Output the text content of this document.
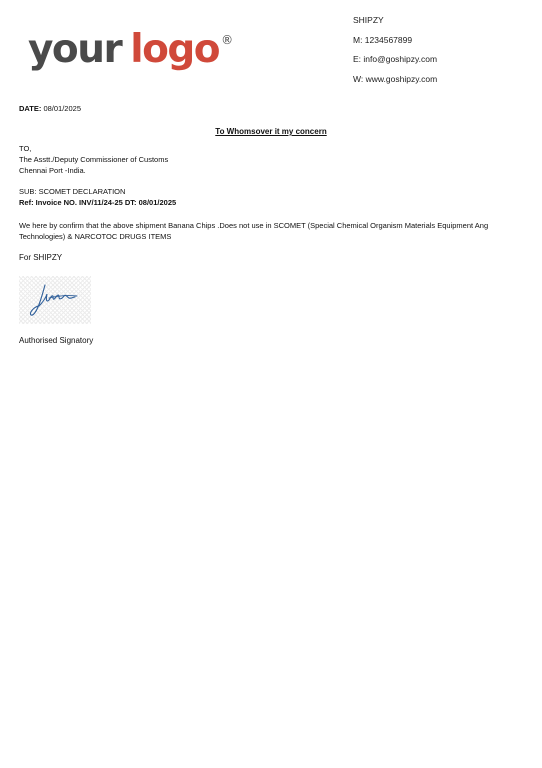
your logo ®
SHIPZY
M: 1234567899
E: info@goshipzy.com
W: www.goshipzy.com
DATE: 08/01/2025
To Whomsover it my concern
TO,
The Asstt./Deputy Commissioner of Customs
Chennai Port -India.
SUB: SCOMET DECLARATION
Ref: Invoice NO. INV/11/24-25 DT: 08/01/2025
We here by confirm that the above shipment Banana Chips .Does not use in SCOMET (Special Chemical Organism Materials Equipment Ang Technologies) & NARCOTOC DRUGS ITEMS
For SHIPZY
Authorised Signatory
